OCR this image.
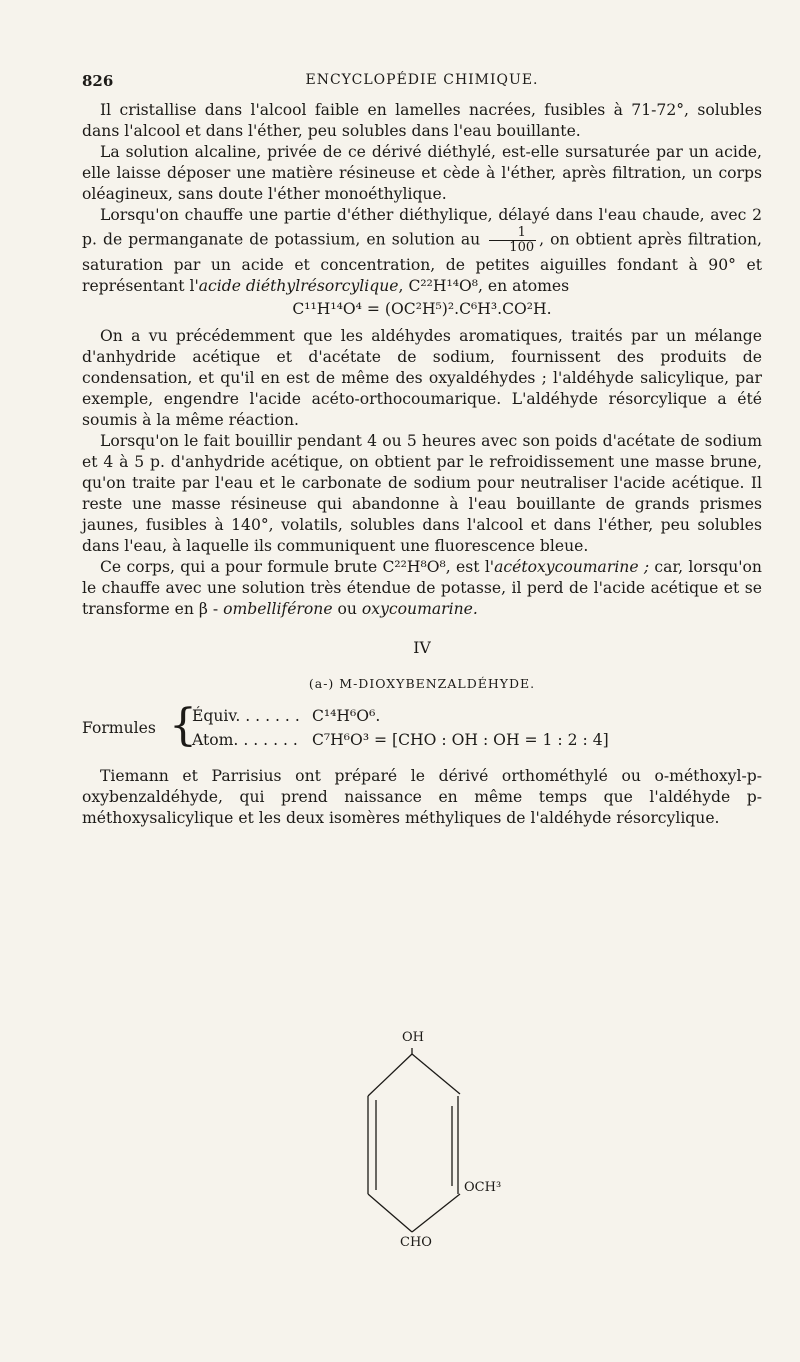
826	ENCYCLOPÉDIE CHIMIQUE.

Il cristallise dans l'alcool faible en lamelles nacrées, fusibles à 71-72°, solubles dans l'alcool et dans l'éther, peu solubles dans l'eau bouillante.

La solution alcaline, privée de ce dérivé diéthylé, est-elle sursaturée par un acide, elle laisse déposer une matière résineuse et cède à l'éther, après filtration, un corps oléagineux, sans doute l'éther monoéthylique.

Lorsqu'on chauffe une partie d'éther diéthylique, délayé dans l'eau chaude, avec 2 p. de permanganate de potassium, en solution au $\frac{1}{100}$ , on obtient après filtration, saturation par un acide et concentration, de petites aiguilles fondant à 90° et représentant l'acide diéthylrésorcylique, C²²H¹⁴O⁸, en atomes

C¹¹H¹⁴O⁴ = (OC²H⁵)².C⁶H³.CO²H.

On a vu précédemment que les aldéhydes aromatiques, traités par un mélange d'anhydride acétique et d'acétate de sodium, fournissent des produits de condensation, et qu'il en est de même des oxyaldéhydes ; l'aldéhyde salicylique, par exemple, engendre l'acide acéto-orthocoumarique. L'aldéhyde résorcylique a été soumis à la même réaction.

Lorsqu'on le fait bouillir pendant 4 ou 5 heures avec son poids d'acétate de sodium et 4 à 5 p. d'anhydride acétique, on obtient par le refroidissement une masse brune, qu'on traite par l'eau et le carbonate de sodium pour neutraliser l'acide acétique. Il reste une masse résineuse qui abandonne à l'eau bouillante de grands prismes jaunes, fusibles à 140°, volatils, solubles dans l'alcool et dans l'éther, peu solubles dans l'eau, à laquelle ils communiquent une fluorescence bleue.

Ce corps, qui a pour formule brute C²²H⁸O⁸, est l'acétoxycoumarine ; car, lorsqu'on le chauffe avec une solution très étendue de potasse, il perd de l'acide acétique et se transforme en β - ombelliférone ou oxycoumarine.

IV
(a-) M-DIOXYBENZALDÉHYDE.
Formules {
Équiv. . . . . . . C¹⁴H⁶O⁶.
Atom. . . . . . . C⁷H⁶O³ = [CHO : OH : OH = 1 : 2 : 4]

Tiemann et Parrisius ont préparé le dérivé orthométhylé ou o-méthoxyl-p-oxybenzaldéhyde, qui prend naissance en même temps que l'aldéhyde p-méthoxysalicylique et les deux isomères méthyliques de l'aldéhyde résorcylique.

OH
OCH³
CHO
